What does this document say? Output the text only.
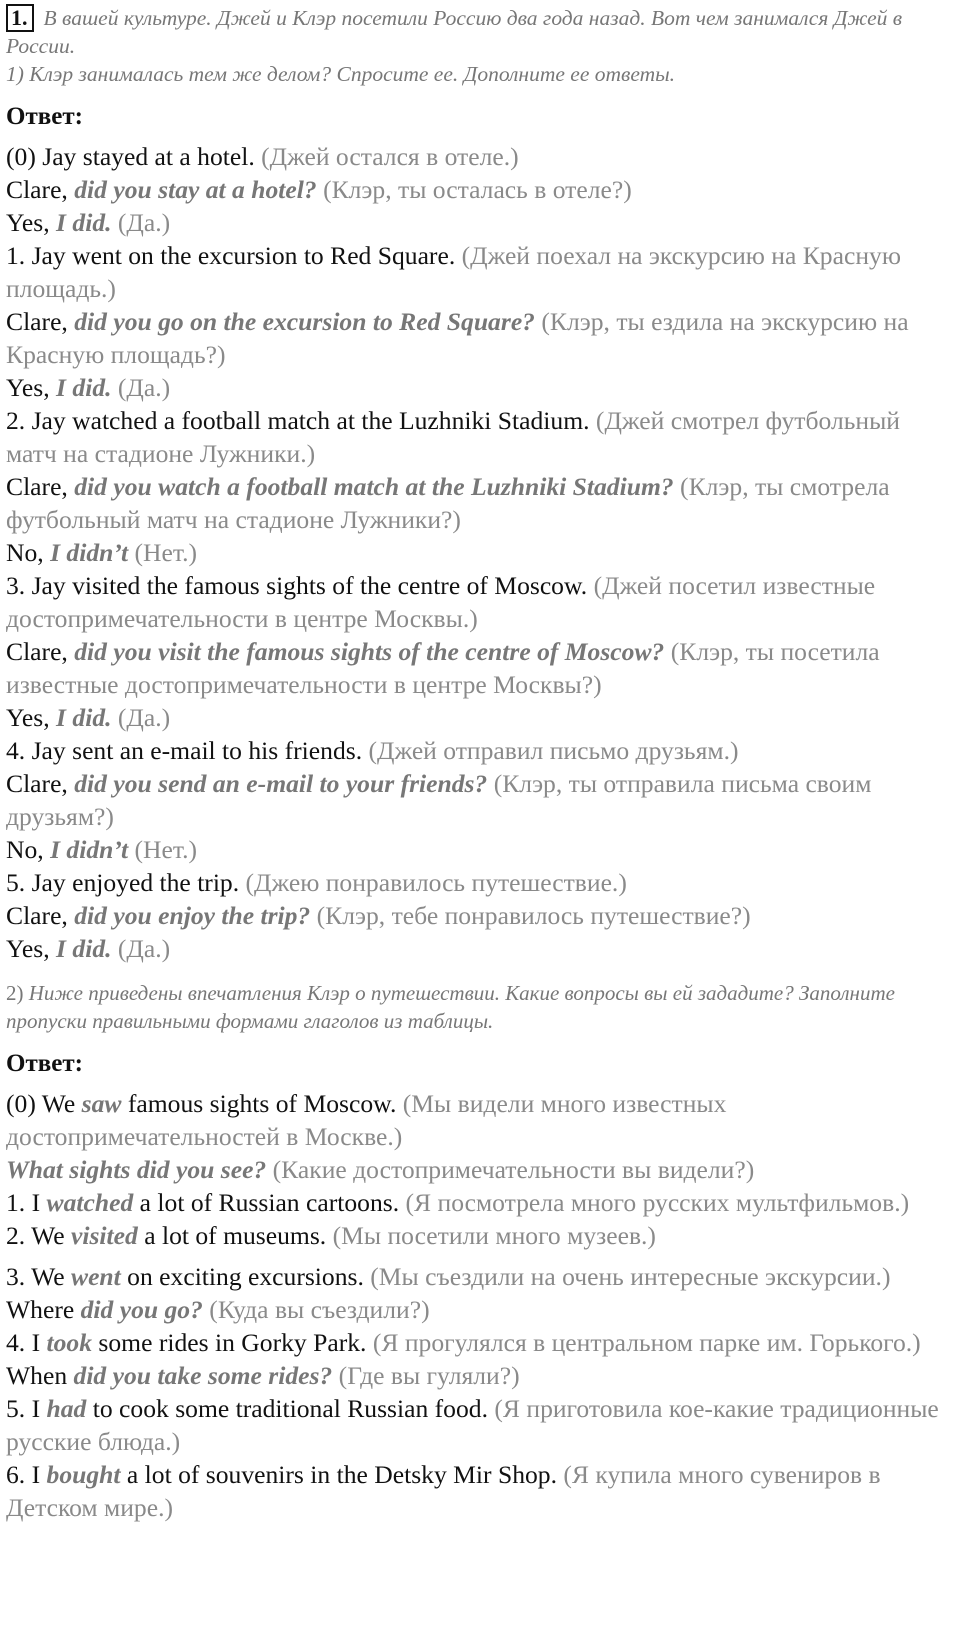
1. В вашей культуре. Джей и Клэр посетили Россию два года назад. Вот чем занимался Джей в России.
1) Клэр занималась тем же делом? Спросите ее. Дополните ее ответы.

Ответ:

(0) Jay stayed at a hotel. (Джей остался в отеле.)

Clare, did you stay at a hotel? (Клэр, ты осталась в отеле?)

Yes, I did. (Да.)

1. Jay went on the excursion to Red Square. (Джей поехал на экскурсию на Красную площадь.)

Clare, did you go on the excursion to Red Square? (Клэр, ты ездила на экскурсию на Красную площадь?)

Yes, I did. (Да.)

2. Jay watched a football match at the Luzhniki Stadium. (Джей смотрел футбольный матч на стадионе Лужники.)

Clare, did you watch a football match at the Luzhniki Stadium? (Клэр, ты смотрела футбольный матч на стадионе Лужники?)

No, I didn’t (Нет.)

3. Jay visited the famous sights of the centre of Moscow. (Джей посетил известные достопримечательности в центре Москвы.)

Clare, did you visit the famous sights of the centre of Moscow? (Клэр, ты посетила известные достопримечательности в центре Москвы?)

Yes, I did. (Да.)

4. Jay sent an e-mail to his friends. (Джей отправил письмо друзьям.)

Clare, did you send an e-mail to your friends? (Клэр, ты отправила письма своим друзьям?)

No, I didn’t (Нет.)

5. Jay enjoyed the trip. (Джею понравилось путешествие.)

Clare, did you enjoy the trip? (Клэр, тебе понравилось путешествие?)

Yes, I did. (Да.)

2) Ниже приведены впечатления Клэр о путешествии. Какие вопросы вы ей зададите? Заполните пропуски правильными формами глаголов из таблицы.

Ответ:

(0) We saw famous sights of Moscow. (Мы видели много известных достопримечательностей в Москве.)

What sights did you see? (Какие достопримечательности вы видели?)

1. I watched a lot of Russian cartoons. (Я посмотрела много русских мультфильмов.)

2. We visited a lot of museums. (Мы посетили много музеев.)

3. We went on exciting excursions. (Мы съездили на очень интересные экскурсии.)

Where did you go? (Куда вы съездили?)

4. I took some rides in Gorky Park. (Я прогулялся в центральном парке им. Горького.)

When did you take some rides? (Где вы гуляли?)

5. I had to cook some traditional Russian food. (Я приготовила кое-какие традиционные русские блюда.)

6. I bought a lot of souvenirs in the Detsky Mir Shop. (Я купила много сувениров в Детском мире.)
